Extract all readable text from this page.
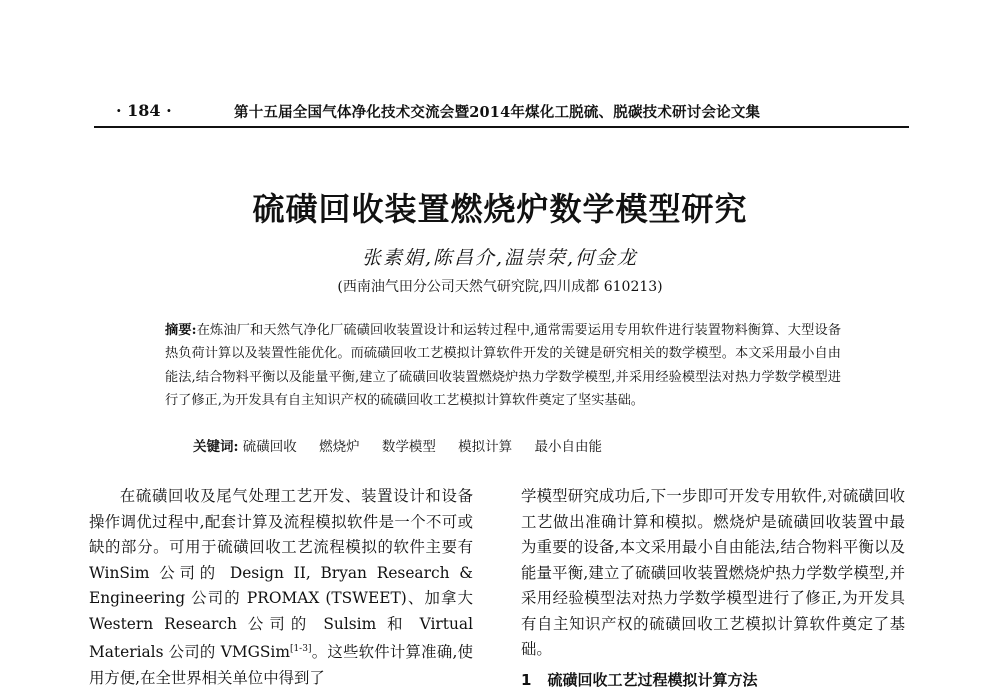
· 184 ·	第十五届全国气体净化技术交流会暨2014年煤化工脱硫、脱碳技术研讨会论文集
硫磺回收装置燃烧炉数学模型研究
张素娟,陈昌介,温崇荣,何金龙
(西南油气田分公司天然气研究院,四川成都 610213)
摘要:在炼油厂和天然气净化厂硫磺回收装置设计和运转过程中,通常需要运用专用软件进行装置物料衡算、大型设备热负荷计算以及装置性能优化。而硫磺回收工艺模拟计算软件开发的关键是研究相关的数学模型。本文采用最小自由能法,结合物料平衡以及能量平衡,建立了硫磺回收装置燃烧炉热力学数学模型,并采用经验模型法对热力学数学模型进行了修正,为开发具有自主知识产权的硫磺回收工艺模拟计算软件奠定了坚实基础。
关键词: 硫磺回收 燃烧炉 数学模型 模拟计算 最小自由能
在硫磺回收及尾气处理工艺开发、装置设计和设备操作调优过程中,配套计算及流程模拟软件是一个不可或缺的部分。可用于硫磺回收工艺流程模拟的软件主要有 WinSim 公司的 Design II, Bryan Research & Engineering 公司的 PROMAX (TSWEET)、加拿大 Western Research 公司的 Sulsim 和 Virtual Materials 公司的 VMGSim[1-3]。这些软件计算准确,使用方便,在全世界相关单位中得到了
学模型研究成功后,下一步即可开发专用软件,对硫磺回收工艺做出准确计算和模拟。燃烧炉是硫磺回收装置中最为重要的设备,本文采用最小自由能法,结合物料平衡以及能量平衡,建立了硫磺回收装置燃烧炉热力学数学模型,并采用经验模型法对热力学数学模型进行了修正,为开发具有自主知识产权的硫磺回收工艺模拟计算软件奠定了基础。
1 硫磺回收工艺过程模拟计算方法
